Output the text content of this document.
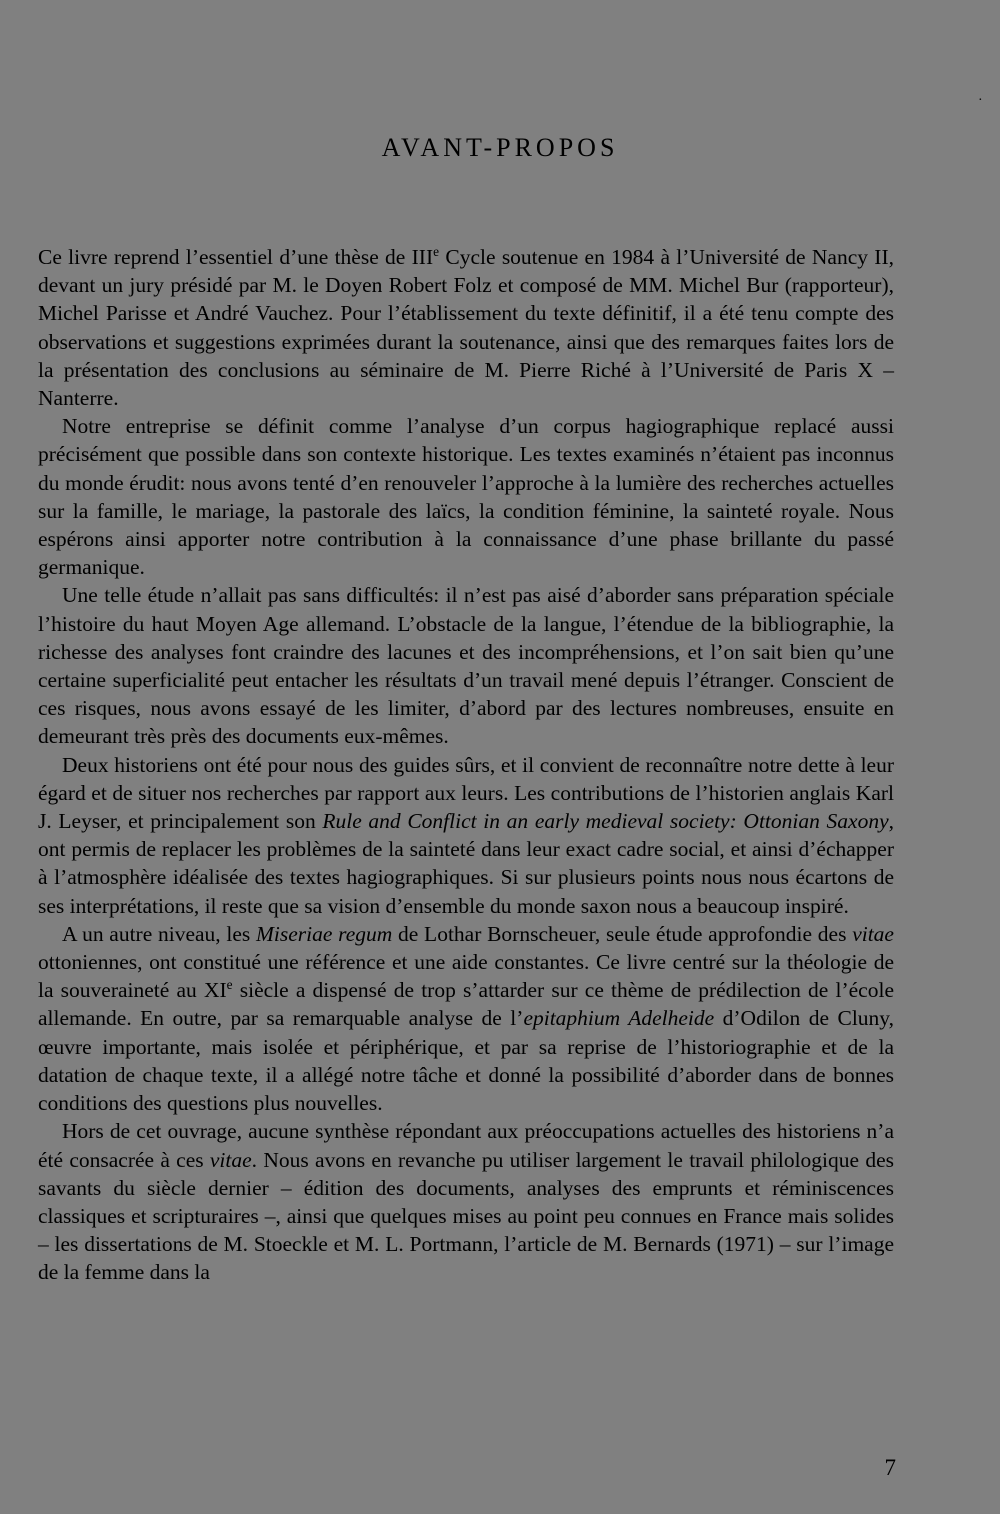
·
AVANT-PROPOS

Ce livre reprend l’essentiel d’une thèse de IIIe Cycle soutenue en 1984 à l’Université de Nancy II, devant un jury présidé par M. le Doyen Robert Folz et composé de MM. Michel Bur (rapporteur), Michel Parisse et André Vauchez. Pour l’établissement du texte définitif, il a été tenu compte des observations et suggestions exprimées durant la soutenance, ainsi que des remarques faites lors de la présentation des conclusions au séminaire de M. Pierre Riché à l’Université de Paris X – Nanterre.

Notre entreprise se définit comme l’analyse d’un corpus hagiographique replacé aussi précisément que possible dans son contexte historique. Les textes examinés n’étaient pas inconnus du monde érudit: nous avons tenté d’en renouveler l’approche à la lumière des recherches actuelles sur la famille, le mariage, la pastorale des laïcs, la condition féminine, la sainteté royale. Nous espérons ainsi apporter notre contribution à la connaissance d’une phase brillante du passé germanique.

Une telle étude n’allait pas sans difficultés: il n’est pas aisé d’aborder sans préparation spéciale l’histoire du haut Moyen Age allemand. L’obstacle de la langue, l’étendue de la bibliographie, la richesse des analyses font craindre des lacunes et des incompréhensions, et l’on sait bien qu’une certaine superficialité peut entacher les résultats d’un travail mené depuis l’étranger. Conscient de ces risques, nous avons essayé de les limiter, d’abord par des lectures nombreuses, ensuite en demeurant très près des documents eux-mêmes.

Deux historiens ont été pour nous des guides sûrs, et il convient de reconnaître notre dette à leur égard et de situer nos recherches par rapport aux leurs. Les contributions de l’historien anglais Karl J. Leyser, et principalement son Rule and Conflict in an early medieval society: Ottonian Saxony, ont permis de replacer les problèmes de la sainteté dans leur exact cadre social, et ainsi d’échapper à l’atmosphère idéalisée des textes hagiographiques. Si sur plusieurs points nous nous écartons de ses interprétations, il reste que sa vision d’ensemble du monde saxon nous a beaucoup inspiré.

A un autre niveau, les Miseriae regum de Lothar Bornscheuer, seule étude approfondie des vitae ottoniennes, ont constitué une référence et une aide constantes. Ce livre centré sur la théologie de la souveraineté au XIe siècle a dispensé de trop s’attarder sur ce thème de prédilection de l’école allemande. En outre, par sa remarquable analyse de l’epitaphium Adelheide d’Odilon de Cluny, œuvre importante, mais isolée et périphérique, et par sa reprise de l’historiographie et de la datation de chaque texte, il a allégé notre tâche et donné la possibilité d’aborder dans de bonnes conditions des questions plus nouvelles.

Hors de cet ouvrage, aucune synthèse répondant aux préoccupations actuelles des historiens n’a été consacrée à ces vitae. Nous avons en revanche pu utiliser largement le travail philologique des savants du siècle dernier – édition des documents, analyses des emprunts et réminiscences classiques et scripturaires –, ainsi que quelques mises au point peu connues en France mais solides – les dissertations de M. Stoeckle et M. L. Portmann, l’article de M. Bernards (1971) – sur l’image de la femme dans la

7
